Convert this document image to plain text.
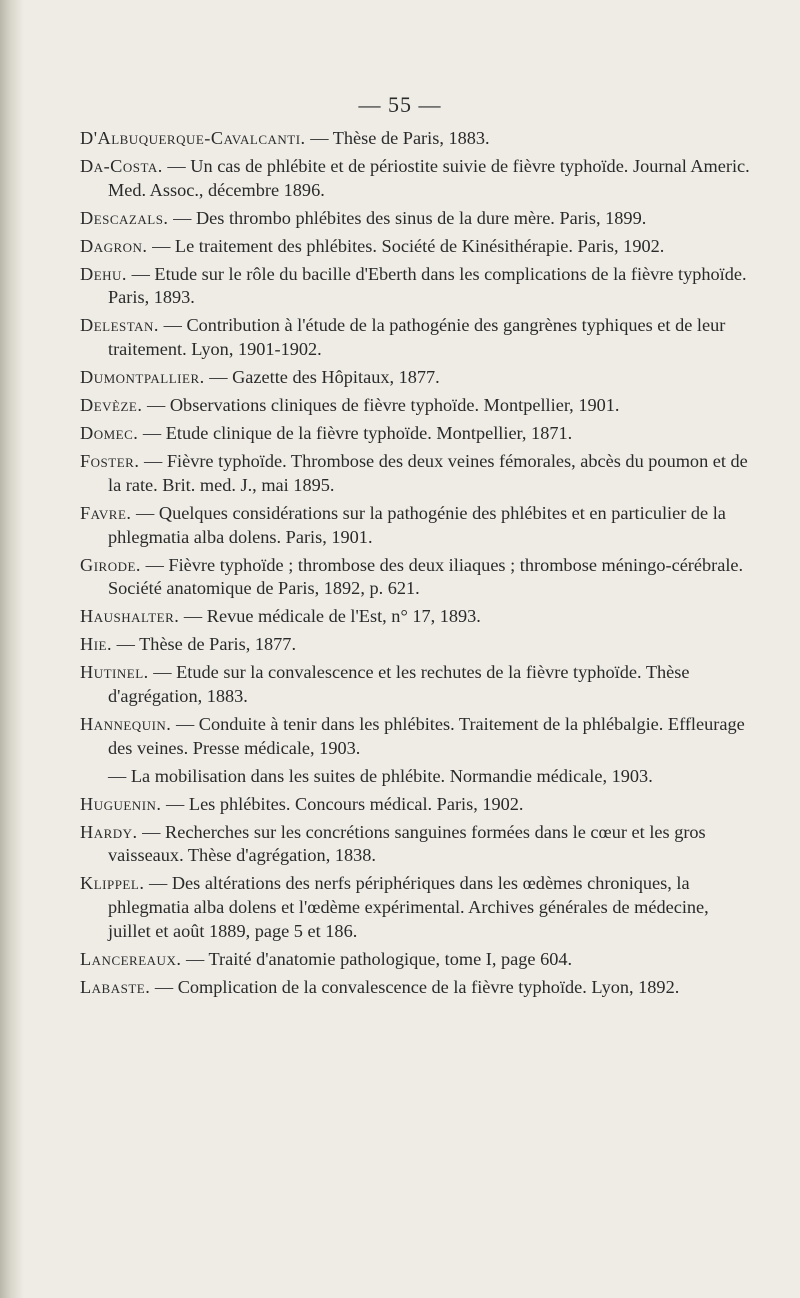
— 55 —

D'Albuquerque-Cavalcanti. — Thèse de Paris, 1883.

Da-Costa. — Un cas de phlébite et de périostite suivie de fièvre typhoïde. Journal Americ. Med. Assoc., décembre 1896.

Descazals. — Des thrombo phlébites des sinus de la dure mère. Paris, 1899.

Dagron. — Le traitement des phlébites. Société de Kinésithérapie. Paris, 1902.

Dehu. — Etude sur le rôle du bacille d'Eberth dans les complications de la fièvre typhoïde. Paris, 1893.

Delestan. — Contribution à l'étude de la pathogénie des gangrènes typhiques et de leur traitement. Lyon, 1901-1902.

Dumontpallier. — Gazette des Hôpitaux, 1877.

Devèze. — Observations cliniques de fièvre typhoïde. Montpellier, 1901.

Domec. — Etude clinique de la fièvre typhoïde. Montpellier, 1871.

Foster. — Fièvre typhoïde. Thrombose des deux veines fémorales, abcès du poumon et de la rate. Brit. med. J., mai 1895.

Favre. — Quelques considérations sur la pathogénie des phlébites et en particulier de la phlegmatia alba dolens. Paris, 1901.

Girode. — Fièvre typhoïde ; thrombose des deux iliaques ; thrombose méningo-cérébrale. Société anatomique de Paris, 1892, p. 621.

Haushalter. — Revue médicale de l'Est, n° 17, 1893.

Hie. — Thèse de Paris, 1877.

Hutinel. — Etude sur la convalescence et les rechutes de la fièvre typhoïde. Thèse d'agrégation, 1883.

Hannequin. — Conduite à tenir dans les phlébites. Traitement de la phlébalgie. Effleurage des veines. Presse médicale, 1903.

— La mobilisation dans les suites de phlébite. Normandie médicale, 1903.

Huguenin. — Les phlébites. Concours médical. Paris, 1902.

Hardy. — Recherches sur les concrétions sanguines formées dans le cœur et les gros vaisseaux. Thèse d'agrégation, 1838.

Klippel. — Des altérations des nerfs périphériques dans les œdèmes chroniques, la phlegmatia alba dolens et l'œdème expérimental. Archives générales de médecine, juillet et août 1889, page 5 et 186.

Lancereaux. — Traité d'anatomie pathologique, tome I, page 604.

Labaste. — Complication de la convalescence de la fièvre typhoïde. Lyon, 1892.
